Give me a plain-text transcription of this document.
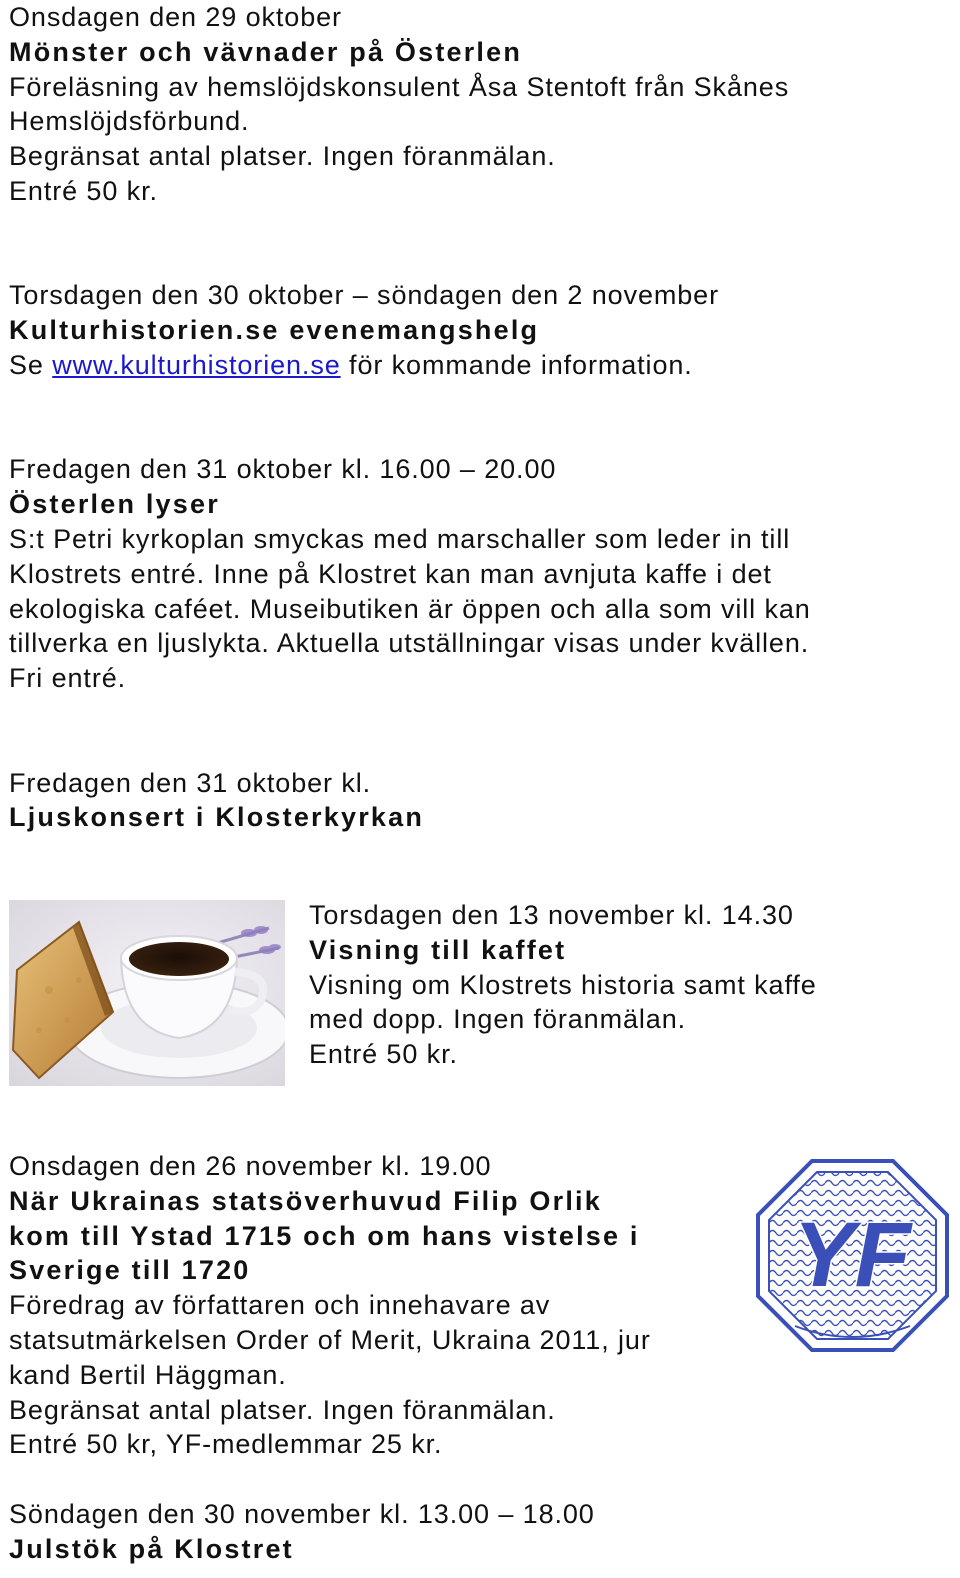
Onsdagen den 29 oktober

Mönster och vävnader på Österlen

Föreläsning av hemslöjdskonsulent Åsa Stentoft från Skånes

Hemslöjdsförbund.

Begränsat antal platser. Ingen föranmälan.

Entré 50 kr.

Torsdagen den 30 oktober – söndagen den 2 november

Kulturhistorien.se evenemangshelg

Se www.kulturhistorien.se för kommande information.

Fredagen den 31 oktober kl. 16.00 – 20.00

Österlen lyser

S:t Petri kyrkoplan smyckas med marschaller som leder in till

Klostrets entré. Inne på Klostret kan man avnjuta kaffe i det

ekologiska caféet. Museibutiken är öppen och alla som vill kan

tillverka en ljuslykta. Aktuella utställningar visas under kvällen.

Fri entré.

Fredagen den 31 oktober kl.

Ljuskonsert i Klosterkyrkan

Torsdagen den 13 november kl. 14.30

Visning till kaffet

Visning om Klostrets historia samt kaffe

med dopp. Ingen föranmälan.

Entré 50 kr.

Onsdagen den 26 november kl. 19.00

När Ukrainas statsöverhuvud Filip Orlik

kom till Ystad 1715 och om hans vistelse i

Sverige till 1720

Föredrag av författaren och innehavare av

statsutmärkelsen Order of Merit, Ukraina 2011, jur

kand Bertil Häggman.

Begränsat antal platser. Ingen föranmälan.

Entré 50 kr, YF-medlemmar 25 kr.

Söndagen den 30 november kl. 13.00 – 18.00

Julstök på Klostret

YF
